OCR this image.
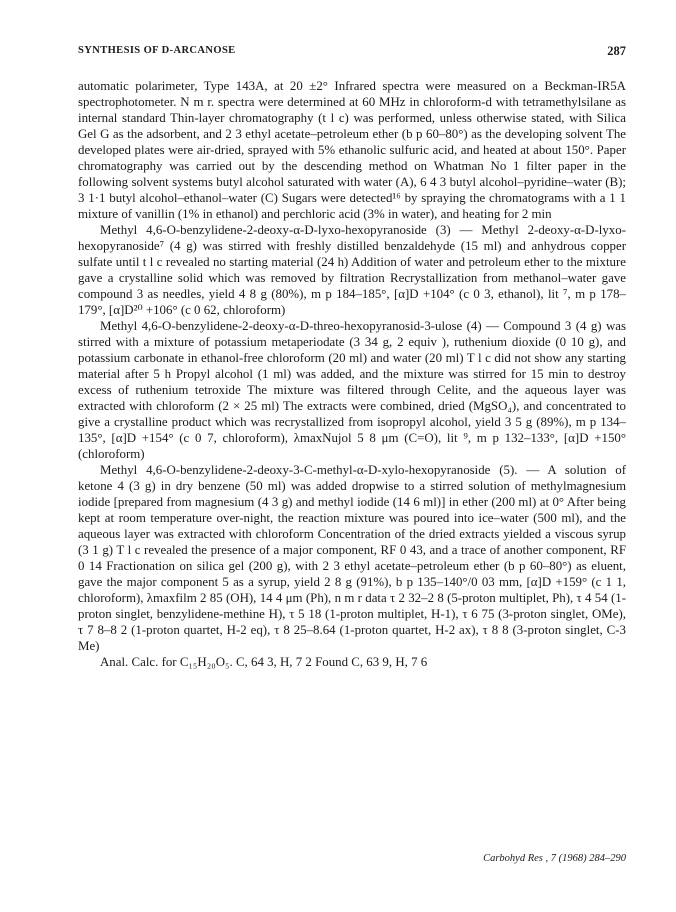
SYNTHESIS OF D-ARCANOSE	287

automatic polarimeter, Type 143A, at 20 ±2° Infrared spectra were measured on a Beckman-IR5A spectrophotometer. N m r. spectra were determined at 60 MHz in chloroform-d with tetramethylsilane as internal standard Thin-layer chromatography (t l c) was performed, unless otherwise stated, with Silica Gel G as the adsorbent, and 2 3 ethyl acetate–petroleum ether (b p 60–80°) as the developing solvent The developed plates were air-dried, sprayed with 5% ethanolic sulfuric acid, and heated at about 150°. Paper chromatography was carried out by the descending method on Whatman No 1 filter paper in the following solvent systems butyl alcohol saturated with water (A), 6 4 3 butyl alcohol–pyridine–water (B); 3 1·1 butyl alcohol–ethanol–water (C) Sugars were detected¹⁶ by spraying the chromatograms with a 1 1 mixture of vanillin (1% in ethanol) and perchloric acid (3% in water), and heating for 2 min

Methyl 4,6-O-benzylidene-2-deoxy-α-D-lyxo-hexopyranoside (3) — Methyl 2-deoxy-α-D-lyxo-hexopyranoside⁷ (4 g) was stirred with freshly distilled benzaldehyde (15 ml) and anhydrous copper sulfate until t l c revealed no starting material (24 h) Addition of water and petroleum ether to the mixture gave a crystalline solid which was removed by filtration Recrystallization from methanol–water gave compound 3 as needles, yield 4 8 g (80%), m p 184–185°, [α]D +104° (c 0 3, ethanol), lit ⁷, m p 178–179°, [α]D²⁰ +106° (c 0 62, chloroform)

Methyl 4,6-O-benzylidene-2-deoxy-α-D-threo-hexopyranosid-3-ulose (4) — Compound 3 (4 g) was stirred with a mixture of potassium metaperiodate (3 34 g, 2 equiv ), ruthenium dioxide (0 10 g), and potassium carbonate in ethanol-free chloroform (20 ml) and water (20 ml) T l c did not show any starting material after 5 h Propyl alcohol (1 ml) was added, and the mixture was stirred for 15 min to destroy excess of ruthenium tetroxide The mixture was filtered through Celite, and the aqueous layer was extracted with chloroform (2 × 25 ml) The extracts were combined, dried (MgSO₄), and concentrated to give a crystalline product which was recrystallized from isopropyl alcohol, yield 3 5 g (89%), m p 134–135°, [α]D +154° (c 0 7, chloroform), λmaxNujol 5 8 μm (C=O), lit ⁹, m p 132–133°, [α]D +150° (chloroform)

Methyl 4,6-O-benzylidene-2-deoxy-3-C-methyl-α-D-xylo-hexopyranoside (5). — A solution of ketone 4 (3 g) in dry benzene (50 ml) was added dropwise to a stirred solution of methylmagnesium iodide [prepared from magnesium (4 3 g) and methyl iodide (14 6 ml)] in ether (200 ml) at 0° After being kept at room temperature over-night, the reaction mixture was poured into ice–water (500 ml), and the aqueous layer was extracted with chloroform Concentration of the dried extracts yielded a viscous syrup (3 1 g) T l c revealed the presence of a major component, RF 0 43, and a trace of another component, RF 0 14 Fractionation on silica gel (200 g), with 2 3 ethyl acetate–petroleum ether (b p 60–80°) as eluent, gave the major component 5 as a syrup, yield 2 8 g (91%), b p 135–140°/0 03 mm, [α]D +159° (c 1 1, chloroform), λmaxfilm 2 85 (OH), 14 4 μm (Ph), n m r data τ 2 32–2 8 (5-proton multiplet, Ph), τ 4 54 (1-proton singlet, benzylidene-methine H), τ 5 18 (1-proton multiplet, H-1), τ 6 75 (3-proton singlet, OMe), τ 7 8–8 2 (1-proton quartet, H-2 eq), τ 8 25–8.64 (1-proton quartet, H-2 ax), τ 8 8 (3-proton singlet, C-3 Me)

Anal. Calc. for C₁₅H₂₀O₅. C, 64 3, H, 7 2 Found C, 63 9, H, 7 6

Carbohyd Res , 7 (1968) 284–290
